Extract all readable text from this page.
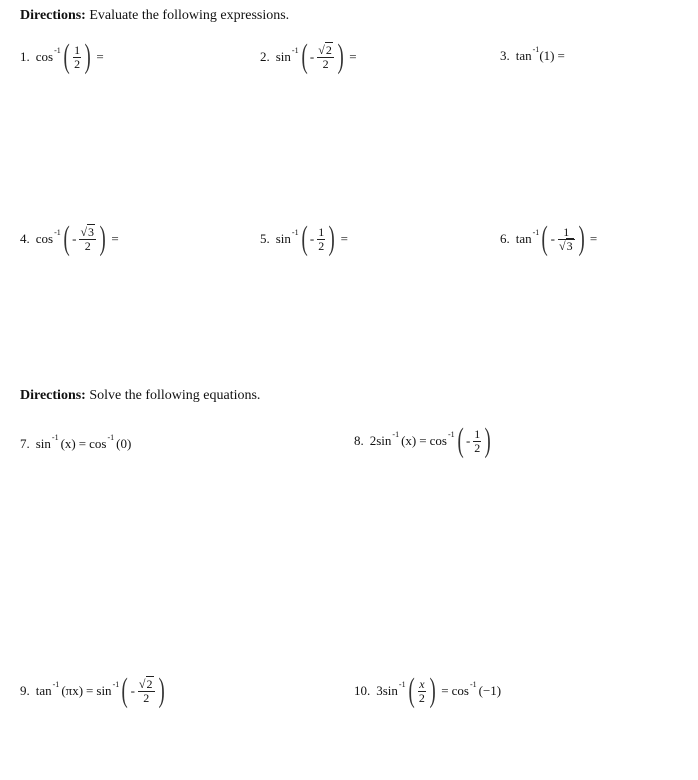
Directions: Evaluate the following expressions.
1. cos -1 ( $\frac{1}{2}$ ) =	2. sin -1 ( - $\frac{√2}{2}$ ) =	3. tan -1 (1) =
4. cos -1 ( - $\frac{√3}{2}$ ) =	5. sin -1 ( - $\frac{1}{2}$ ) =	6. tan -1 ( - $\frac{1}{√3}$ ) =
Directions: Solve the following equations.
7. sin -1 (x) = cos -1 (0)	8. 2 sin -1 (x) = cos -1 ( - $\frac{1}{2}$ )
9. tan -1 (πx) = sin -1 ( - $\frac{√2}{2}$ )	10. 3 sin -1 ( $\frac{x}{2}$ ) = cos -1 (−1)
